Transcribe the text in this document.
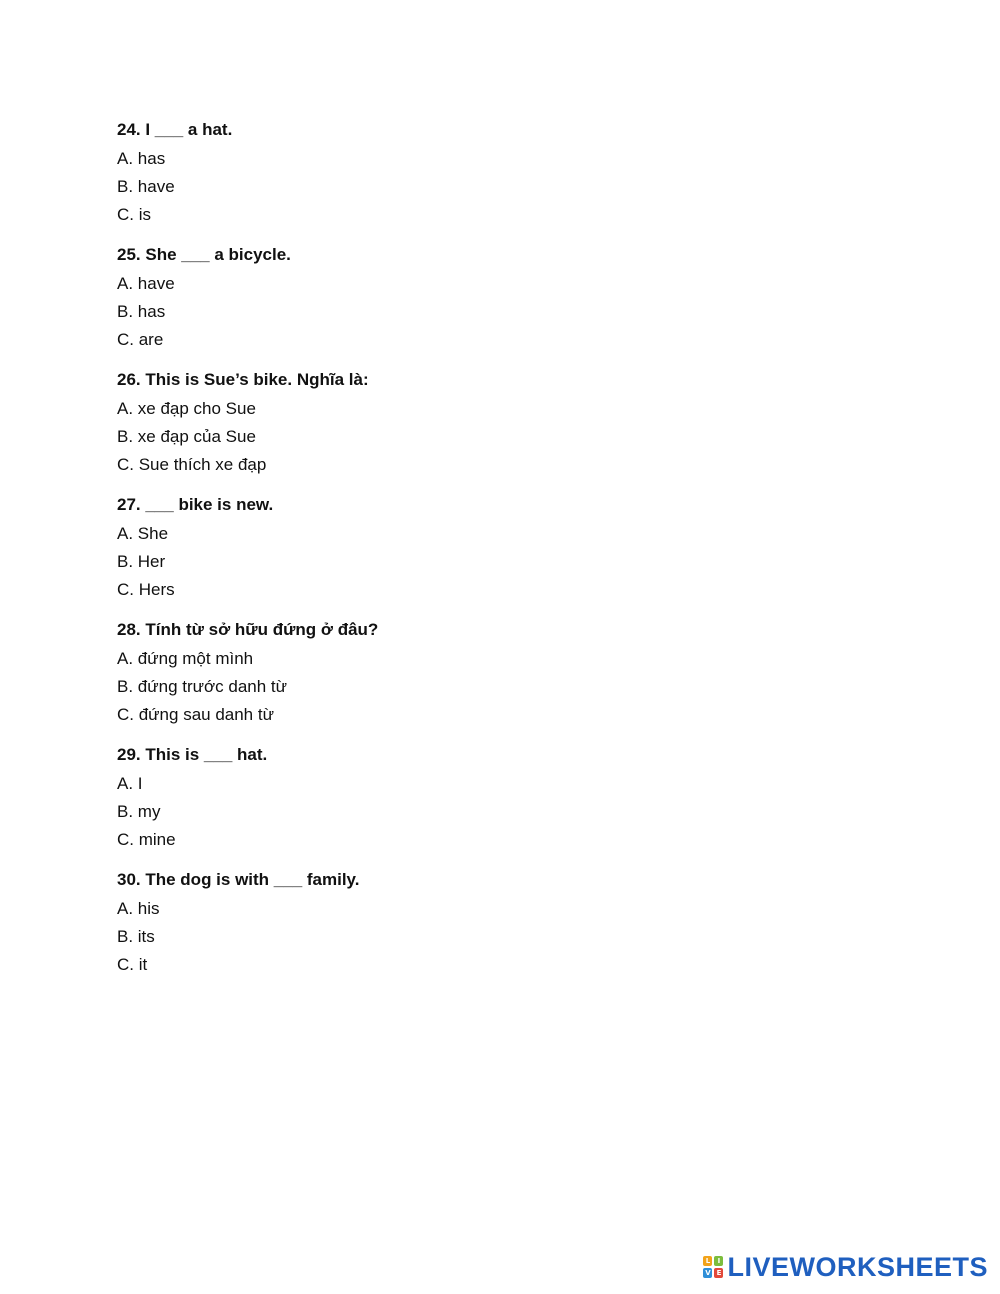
24. I ___ a hat.
A. has
B. have
C. is
25. She ___ a bicycle.
A. have
B. has
C. are
26. This is Sue’s bike. Nghĩa là:
A. xe đạp cho Sue
B. xe đạp của Sue
C. Sue thích xe đạp
27. ___ bike is new.
A. She
B. Her
C. Hers
28. Tính từ sở hữu đứng ở đâu?
A. đứng một mình
B. đứng trước danh từ
C. đứng sau danh từ
29. This is ___ hat.
A. I
B. my
C. mine
30. The dog is with ___ family.
A. his
B. its
C. it
L	I
V E LIVEWORKSHEETS
